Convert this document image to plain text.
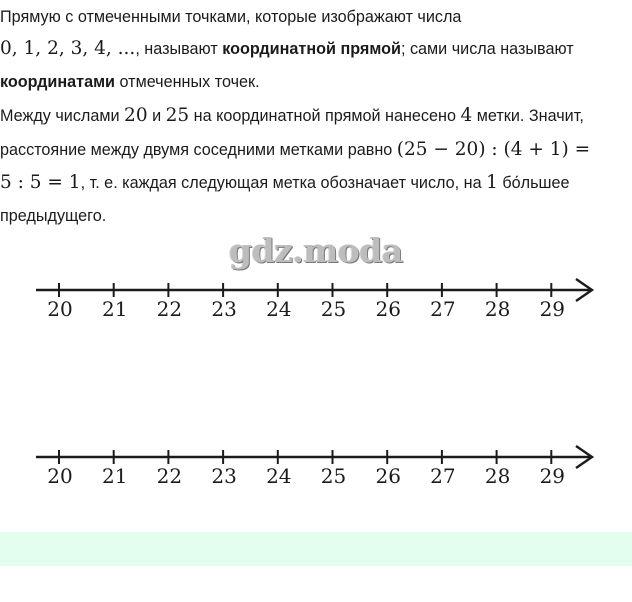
Прямую с отмеченными точками, которые изображают числа
0, 1, 2, 3, 4, ..., называют координатной прямой; сами числа называют
координатами отмеченных точек.
Между числами 20 и 25 на координатной прямой нанесено 4 метки. Значит,
расстояние между двумя соседними метками равно (25 − 20) : (4 + 1) =
5 : 5 = 1, т. е. каждая следующая метка обозначает число, на 1 бо́льшее
предыдущего.
gdz.moda
20 21 22 23 24 25 26 27 28 29
20 21 22 23 24 25 26 27 28 29
